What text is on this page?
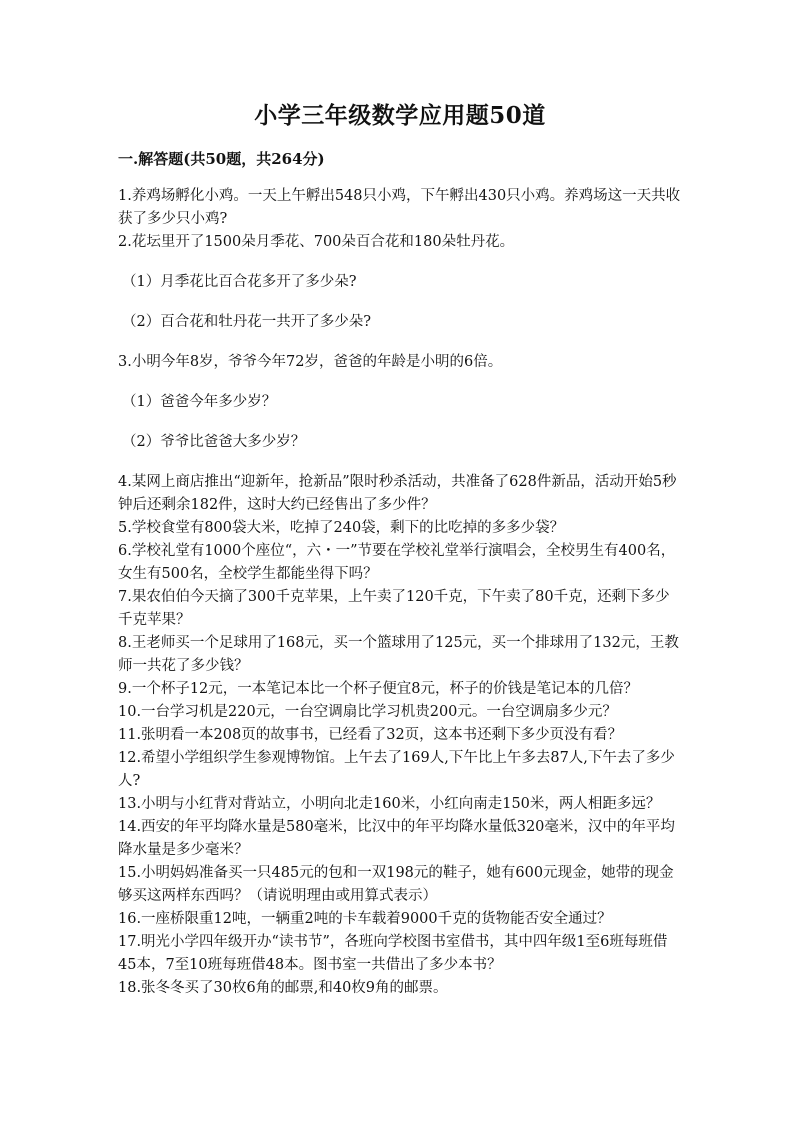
小学三年级数学应用题50道
一.解答题(共50题，共264分)

1.养鸡场孵化小鸡。一天上午孵出548只小鸡，下午孵出430只小鸡。养鸡场这一天共收获了多少只小鸡?

2.花坛里开了1500朵月季花、700朵百合花和180朵牡丹花。

（1）月季花比百合花多开了多少朵?

（2）百合花和牡丹花一共开了多少朵?

3.小明今年8岁，爷爷今年72岁，爸爸的年龄是小明的6倍。

（1）爸爸今年多少岁？

（2）爷爷比爸爸大多少岁？

4.某网上商店推出“迎新年，抢新品”限时秒杀活动，共准备了628件新品，活动开始5秒钟后还剩余182件，这时大约已经售出了多少件？

5.学校食堂有800袋大米，吃掉了240袋，剩下的比吃掉的多多少袋？

6.学校礼堂有1000个座位“，六・一”节要在学校礼堂举行演唱会，全校男生有400名，女生有500名，全校学生都能坐得下吗？

7.果农伯伯今天摘了300千克苹果，上午卖了120千克，下午卖了80千克，还剩下多少千克苹果？

8.王老师买一个足球用了168元，买一个篮球用了125元，买一个排球用了132元，王教师一共花了多少钱？

9.一个杯子12元，一本笔记本比一个杯子便宜8元，杯子的价钱是笔记本的几倍？

10.一台学习机是220元，一台空调扇比学习机贵200元。一台空调扇多少元？

11.张明看一本208页的故事书，已经看了32页，这本书还剩下多少页没有看？

12.希望小学组织学生参观博物馆。上午去了169人,下午比上午多去87人,下午去了多少人?

13.小明与小红背对背站立，小明向北走160米，小红向南走150米，两人相距多远？

14.西安的年平均降水量是580毫米，比汉中的年平均降水量低320毫米，汉中的年平均降水量是多少毫米？

15.小明妈妈准备买一只485元的包和一双198元的鞋子，她有600元现金，她带的现金够买这两样东西吗？（请说明理由或用算式表示）

16.一座桥限重12吨，一辆重2吨的卡车载着9000千克的货物能否安全通过？

17.明光小学四年级开办“读书节”，各班向学校图书室借书，其中四年级1至6班每班借45本，7至10班每班借48本。图书室一共借出了多少本书？

18.张冬冬买了30枚6角的邮票,和40枚9角的邮票。
